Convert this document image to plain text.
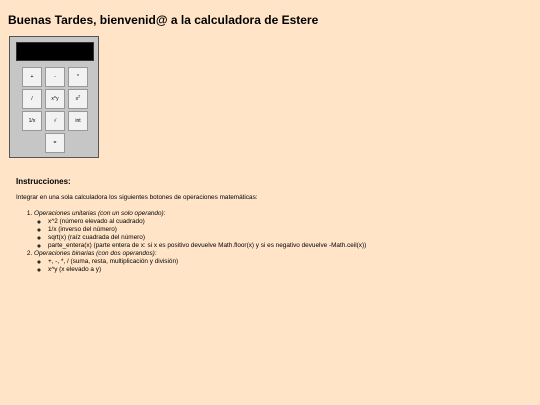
Buenas Tardes, bienvenid@ a la calculadora de Estere
+	-	*
/	x^y	$x^2$
1/x	√	int
=
Instrucciones:

Integrar en una sola calculadora los siguientes botones de operaciones matemáticas:

1. Operaciones unitarias (con un solo operando):
◦ x^2 (número elevado al cuadrado)
◦ 1/x (inverso del número)
◦ sqrt(x) (raíz cuadrada del número)
◦ parte_entera(x) (parte entera de x: si x es positivo devuelve Math.floor(x) y si es negativo devuelve -Math.ceil(x))
2. Operaciones binarias (con dos operandos):
◦ +, -, *, / (suma, resta, multiplicación y división)
◦ x^y (x elevado a y)
